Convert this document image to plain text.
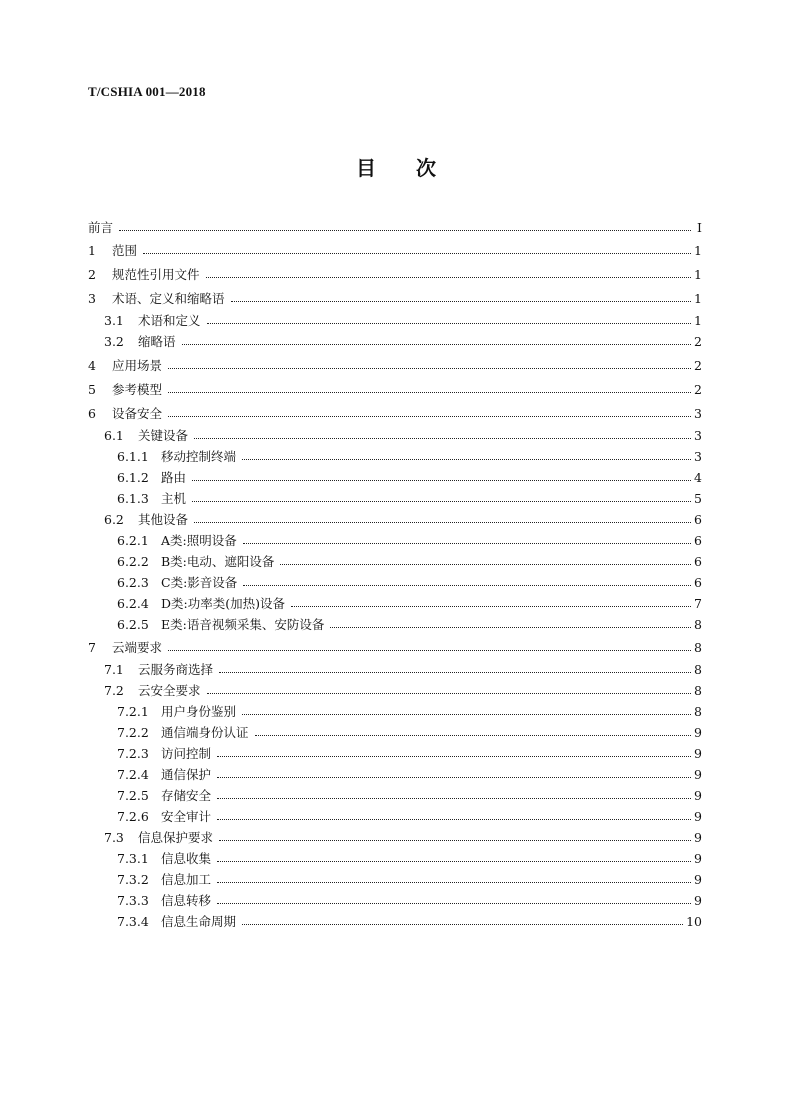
T/CSHIA 001—2018
目 次
前言	I
1	范围	1
2	规范性引用文件	1
3	术语、定义和缩略语	1
3.1	术语和定义	1
3.2	缩略语	2
4	应用场景	2
5	参考模型	2
6	设备安全	3
6.1	关键设备	3
6.1.1 移动控制终端	3
6.1.2 路由	4
6.1.3 主机	5
6.2	其他设备	6
6.2.1 A类:照明设备	6
6.2.2 B类:电动、遮阳设备	6
6.2.3 C类:影音设备	6
6.2.4 D类:功率类(加热)设备	7
6.2.5 E类:语音视频采集、安防设备	8
7	云端要求	8
7.1	云服务商选择	8
7.2	云安全要求	8
7.2.1 用户身份鉴别	8
7.2.2 通信端身份认证	9
7.2.3 访问控制	9
7.2.4 通信保护	9
7.2.5 存储安全	9
7.2.6 安全审计	9
7.3	信息保护要求	9
7.3.1 信息收集	9
7.3.2 信息加工	9
7.3.3 信息转移	9
7.3.4 信息生命周期	10
